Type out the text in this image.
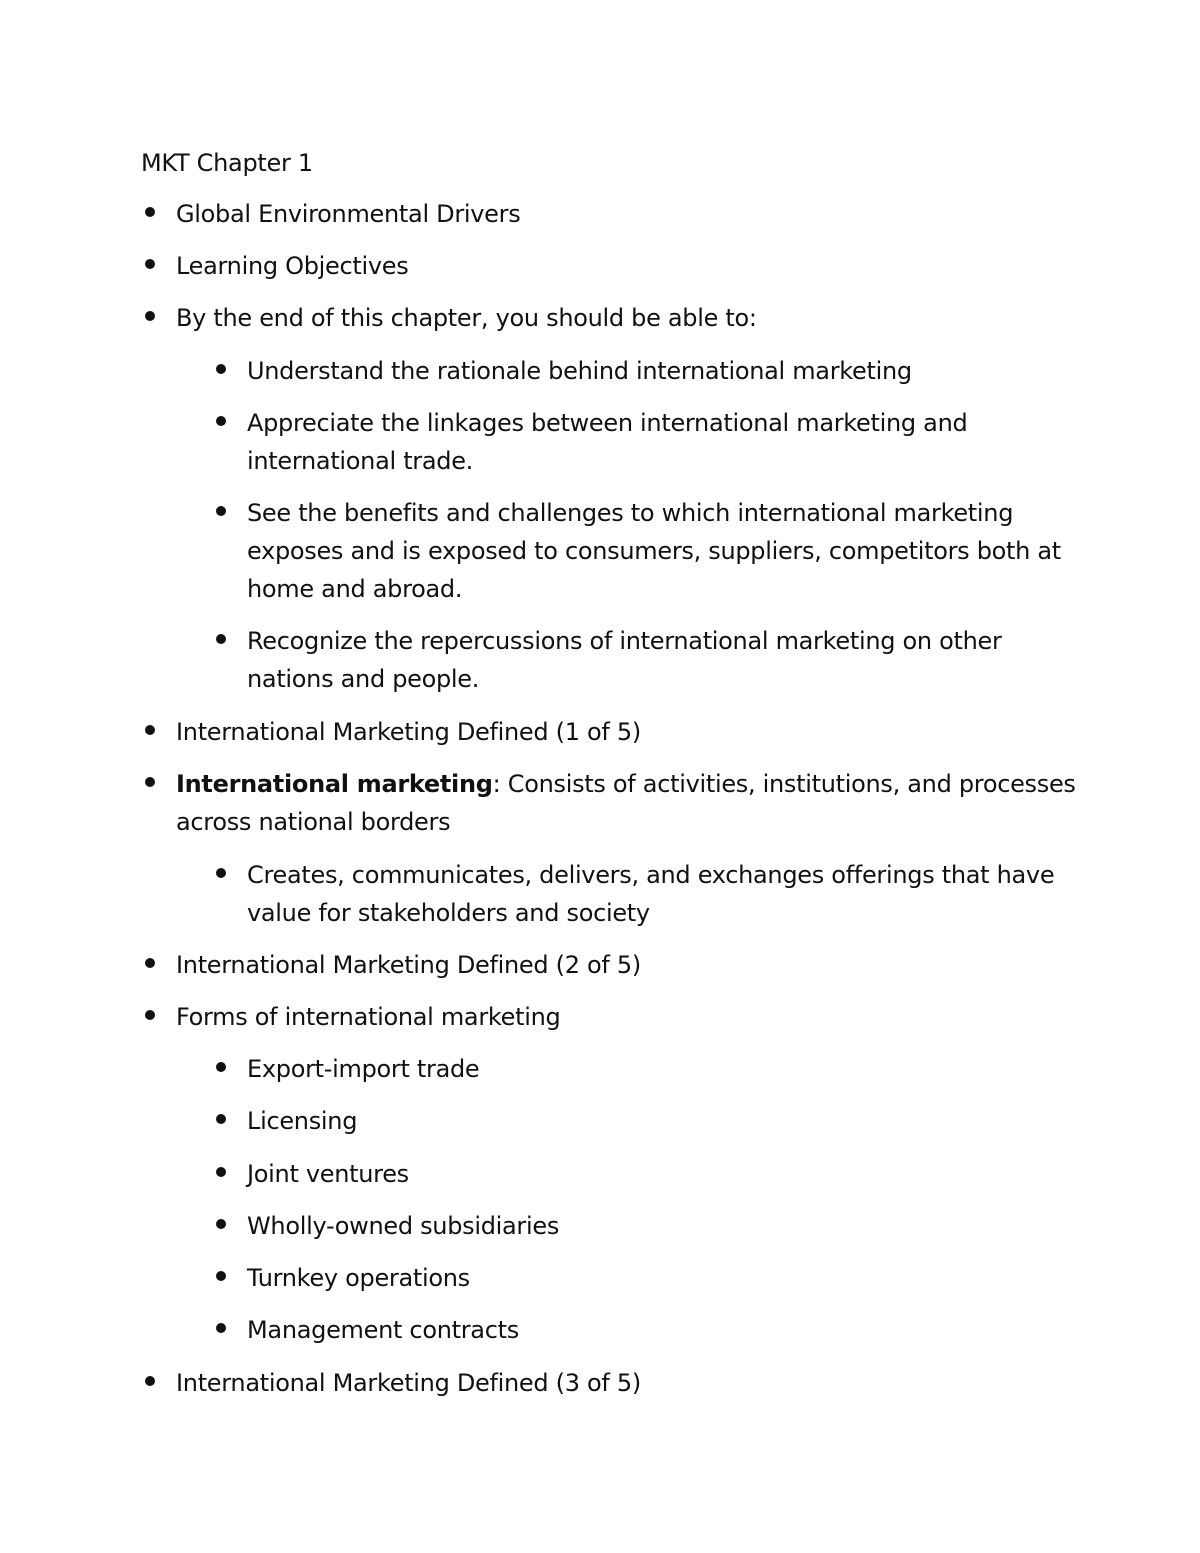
MKT Chapter 1
Global Environmental Drivers
Learning Objectives
By the end of this chapter, you should be able to:
Understand the rationale behind international marketing
Appreciate the linkages between international marketing and international trade.
See the benefits and challenges to which international marketing exposes and is exposed to consumers, suppliers, competitors both at home and abroad.
Recognize the repercussions of international marketing on other nations and people.
International Marketing Defined (1 of 5)
International marketing: Consists of activities, institutions, and processes across national borders
Creates, communicates, delivers, and exchanges offerings that have value for stakeholders and society
International Marketing Defined (2 of 5)
Forms of international marketing
Export-import trade
Licensing
Joint ventures
Wholly-owned subsidiaries
Turnkey operations
Management contracts
International Marketing Defined (3 of 5)
